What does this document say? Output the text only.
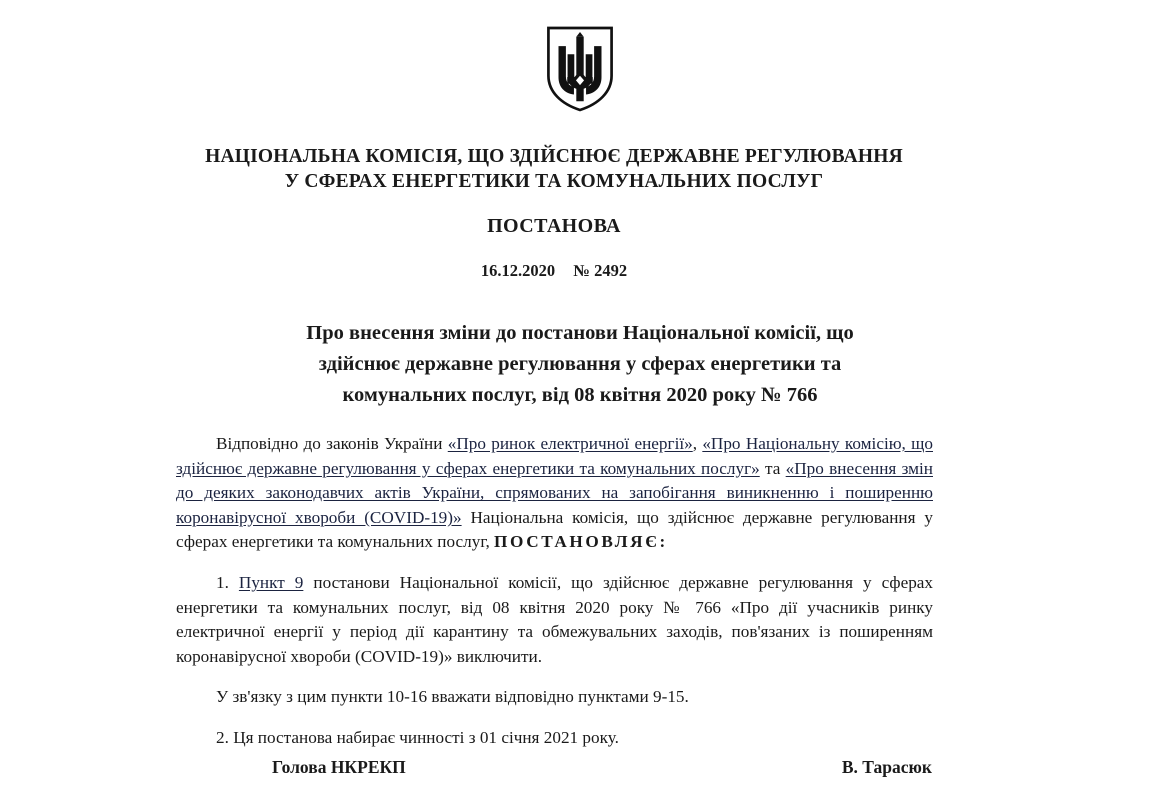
НАЦІОНАЛЬНА КОМІСІЯ, ЩО ЗДІЙСНЮЄ ДЕРЖАВНЕ РЕГУЛЮВАННЯ
У СФЕРАХ ЕНЕРГЕТИКИ ТА КОМУНАЛЬНИХ ПОСЛУГ
ПОСТАНОВА
16.12.2020 № 2492
Про внесення зміни до постанови Національної комісії, що
здійснює державне регулювання у сферах енергетики та
комунальних послуг, від 08 квітня 2020 року № 766

Відповідно до законів України «Про ринок електричної енергії», «Про Національну комісію, що здійснює державне регулювання у сферах енергетики та комунальних послуг» та «Про внесення змін до деяких законодавчих актів України, спрямованих на запобігання виникненню і поширенню коронавірусної хвороби (COVID-19)» Національна комісія, що здійснює державне регулювання у сферах енергетики та комунальних послуг, ПОСТАНОВЛЯЄ:

1. Пункт 9 постанови Національної комісії, що здійснює державне регулювання у сферах енергетики та комунальних послуг, від 08 квітня 2020 року № 766 «Про дії учасників ринку електричної енергії у період дії карантину та обмежувальних заходів, пов'язаних із поширенням коронавірусної хвороби (COVID-19)» виключити.

У зв'язку з цим пункти 10-16 вважати відповідно пунктами 9-15.

2. Ця постанова набирає чинності з 01 січня 2021 року.

Голова НКРЕКП	В. Тарасюк
